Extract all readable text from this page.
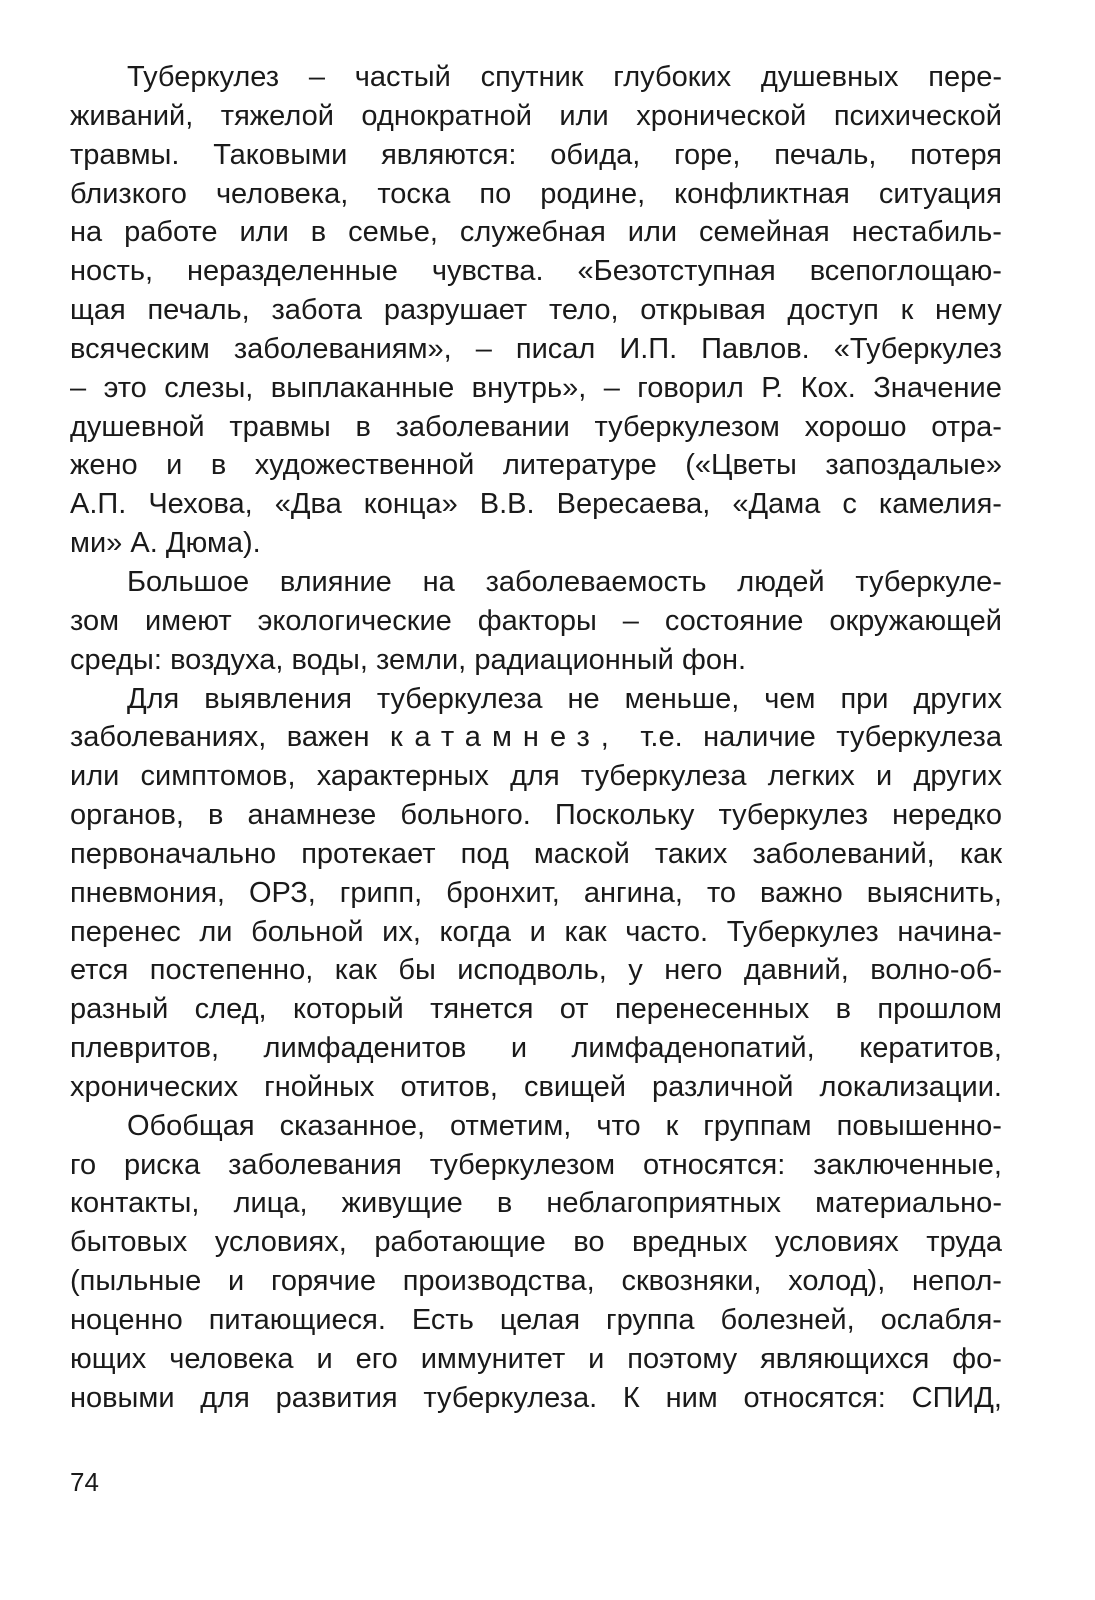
Туберкулез – частый спутник глубоких душевных пере-
живаний, тяжелой однократной или хронической психической
травмы. Таковыми являются: обида, горе, печаль, потеря
близкого человека, тоска по родине, конфликтная ситуация
на работе или в семье, служебная или семейная нестабиль-
ность, неразделенные чувства. «Безотступная всепоглощаю-
щая печаль, забота разрушает тело, открывая доступ к нему
всяческим заболеваниям», – писал И.П. Павлов. «Туберкулез
– это слезы, выплаканные внутрь», – говорил Р. Кох. Значение
душевной травмы в заболевании туберкулезом хорошо отра-
жено и в художественной литературе («Цветы запоздалые»
А.П. Чехова, «Два конца» В.В. Вересаева, «Дама с камелия-
ми» А. Дюма).
Большое влияние на заболеваемость людей туберкуле-
зом имеют экологические факторы – состояние окружающей
среды: воздуха, воды, земли, радиационный фон.
Для выявления туберкулеза не меньше, чем при других
заболеваниях, важен катамнез, т.е. наличие туберкулеза
или симптомов, характерных для туберкулеза легких и других
органов, в анамнезе больного. Поскольку туберкулез нередко
первоначально протекает под маской таких заболеваний, как
пневмония, ОРЗ, грипп, бронхит, ангина, то важно выяснить,
перенес ли больной их, когда и как часто. Туберкулез начина-
ется постепенно, как бы исподволь, у него давний, волно-об-
разный след, который тянется от перенесенных в прошлом
плевритов, лимфаденитов и лимфаденопатий, кератитов,
хронических гнойных отитов, свищей различной локализации.
Обобщая сказанное, отметим, что к группам повышенно-
го риска заболевания туберкулезом относятся: заключенные,
контакты, лица, живущие в неблагоприятных материально-
бытовых условиях, работающие во вредных условиях труда
(пыльные и горячие производства, сквозняки, холод), непол-
ноценно питающиеся. Есть целая группа болезней, ослабля-
ющих человека и его иммунитет и поэтому являющихся фо-
новыми для развития туберкулеза. К ним относятся: СПИД,
74
